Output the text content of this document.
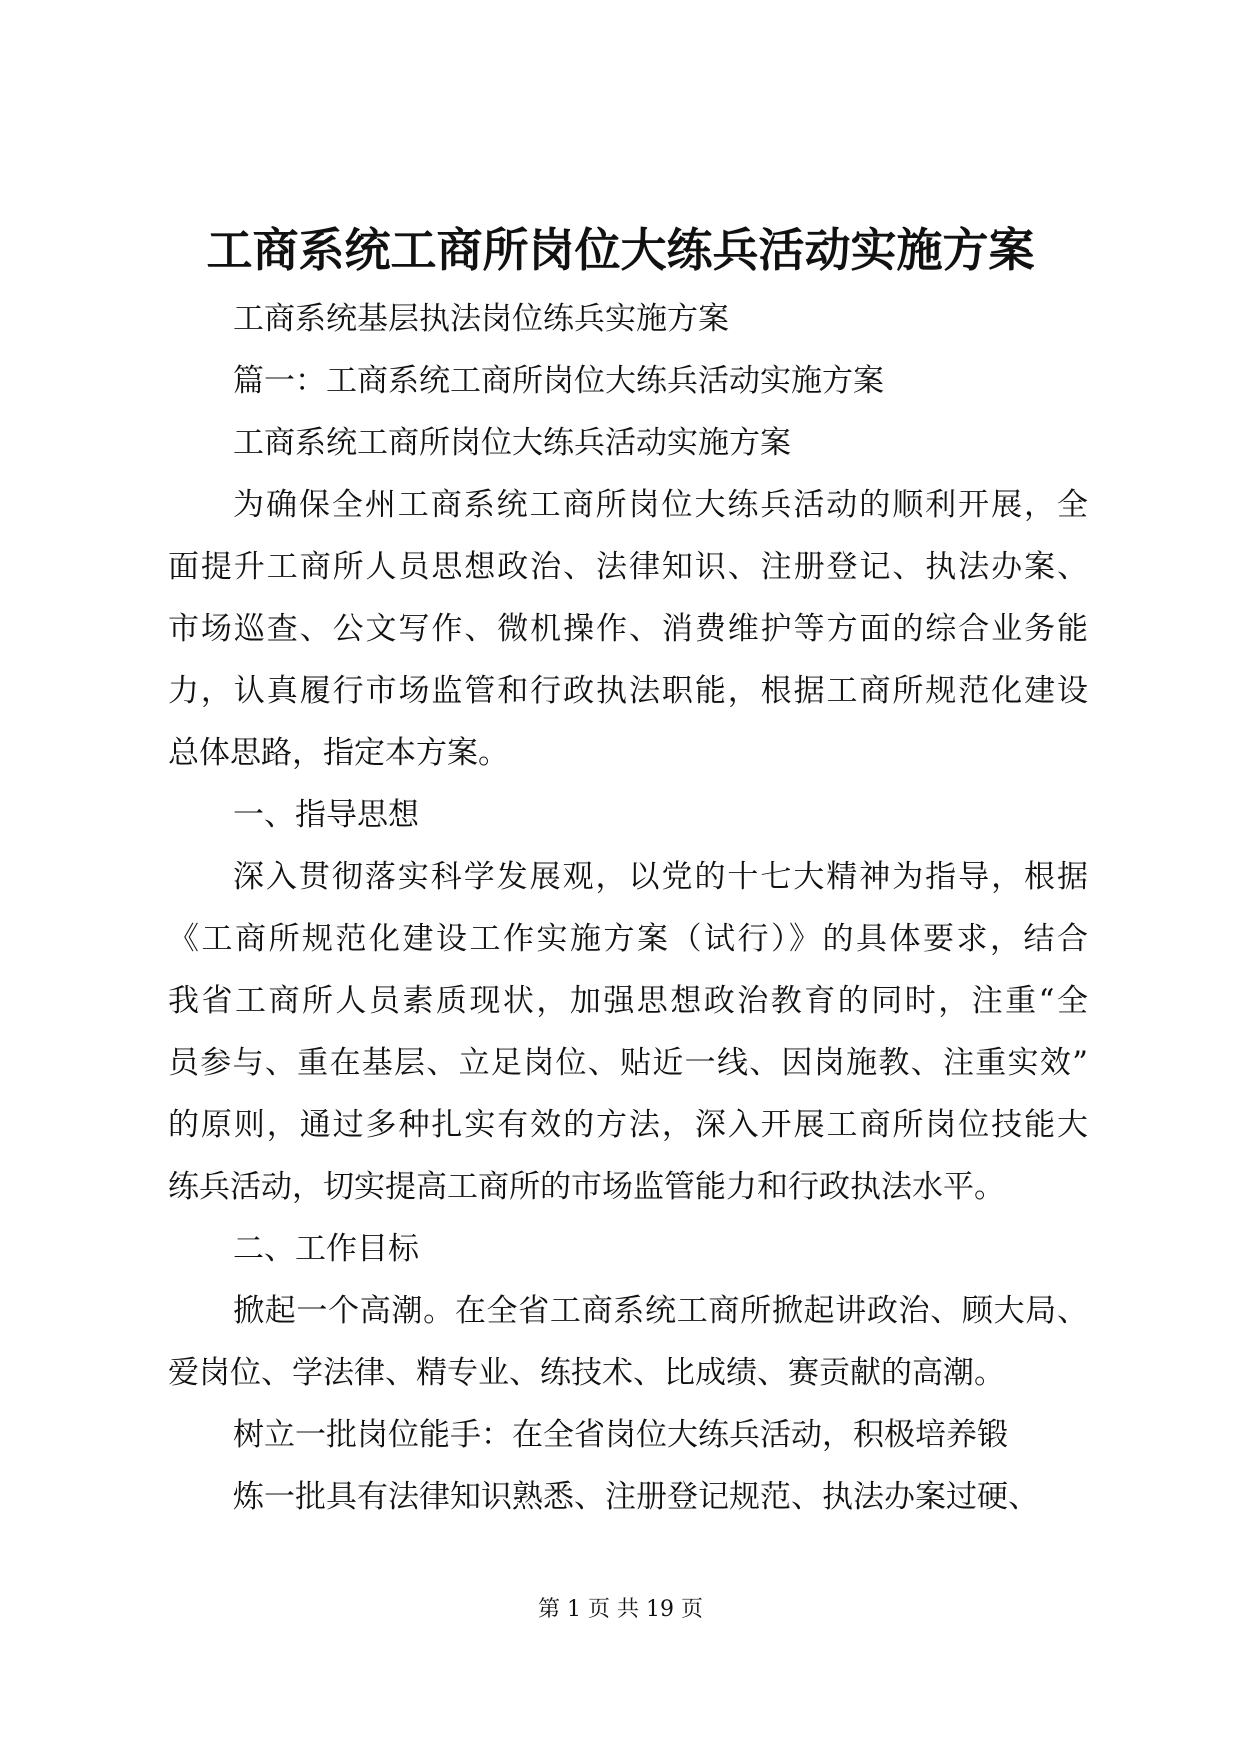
工商系统工商所岗位大练兵活动实施方案
工商系统基层执法岗位练兵实施方案
篇一：工商系统工商所岗位大练兵活动实施方案
工商系统工商所岗位大练兵活动实施方案
为确保全州工商系统工商所岗位大练兵活动的顺利开展，全
面提升工商所人员思想政治、法律知识、注册登记、执法办案、
市场巡查、公文写作、微机操作、消费维护等方面的综合业务能
力，认真履行市场监管和行政执法职能，根据工商所规范化建设
总体思路，指定本方案。
一、指导思想
深入贯彻落实科学发展观，以党的十七大精神为指导，根据
《工商所规范化建设工作实施方案（试行）》的具体要求，结合
我省工商所人员素质现状，加强思想政治教育的同时，注重“全
员参与、重在基层、立足岗位、贴近一线、因岗施教、注重实效”
的原则，通过多种扎实有效的方法，深入开展工商所岗位技能大
练兵活动，切实提高工商所的市场监管能力和行政执法水平。
二、工作目标
掀起一个高潮。在全省工商系统工商所掀起讲政治、顾大局、
爱岗位、学法律、精专业、练技术、比成绩、赛贡献的高潮。
树立一批岗位能手：在全省岗位大练兵活动，积极培养锻
炼一批具有法律知识熟悉、注册登记规范、执法办案过硬、
第 1 页 共 19 页
